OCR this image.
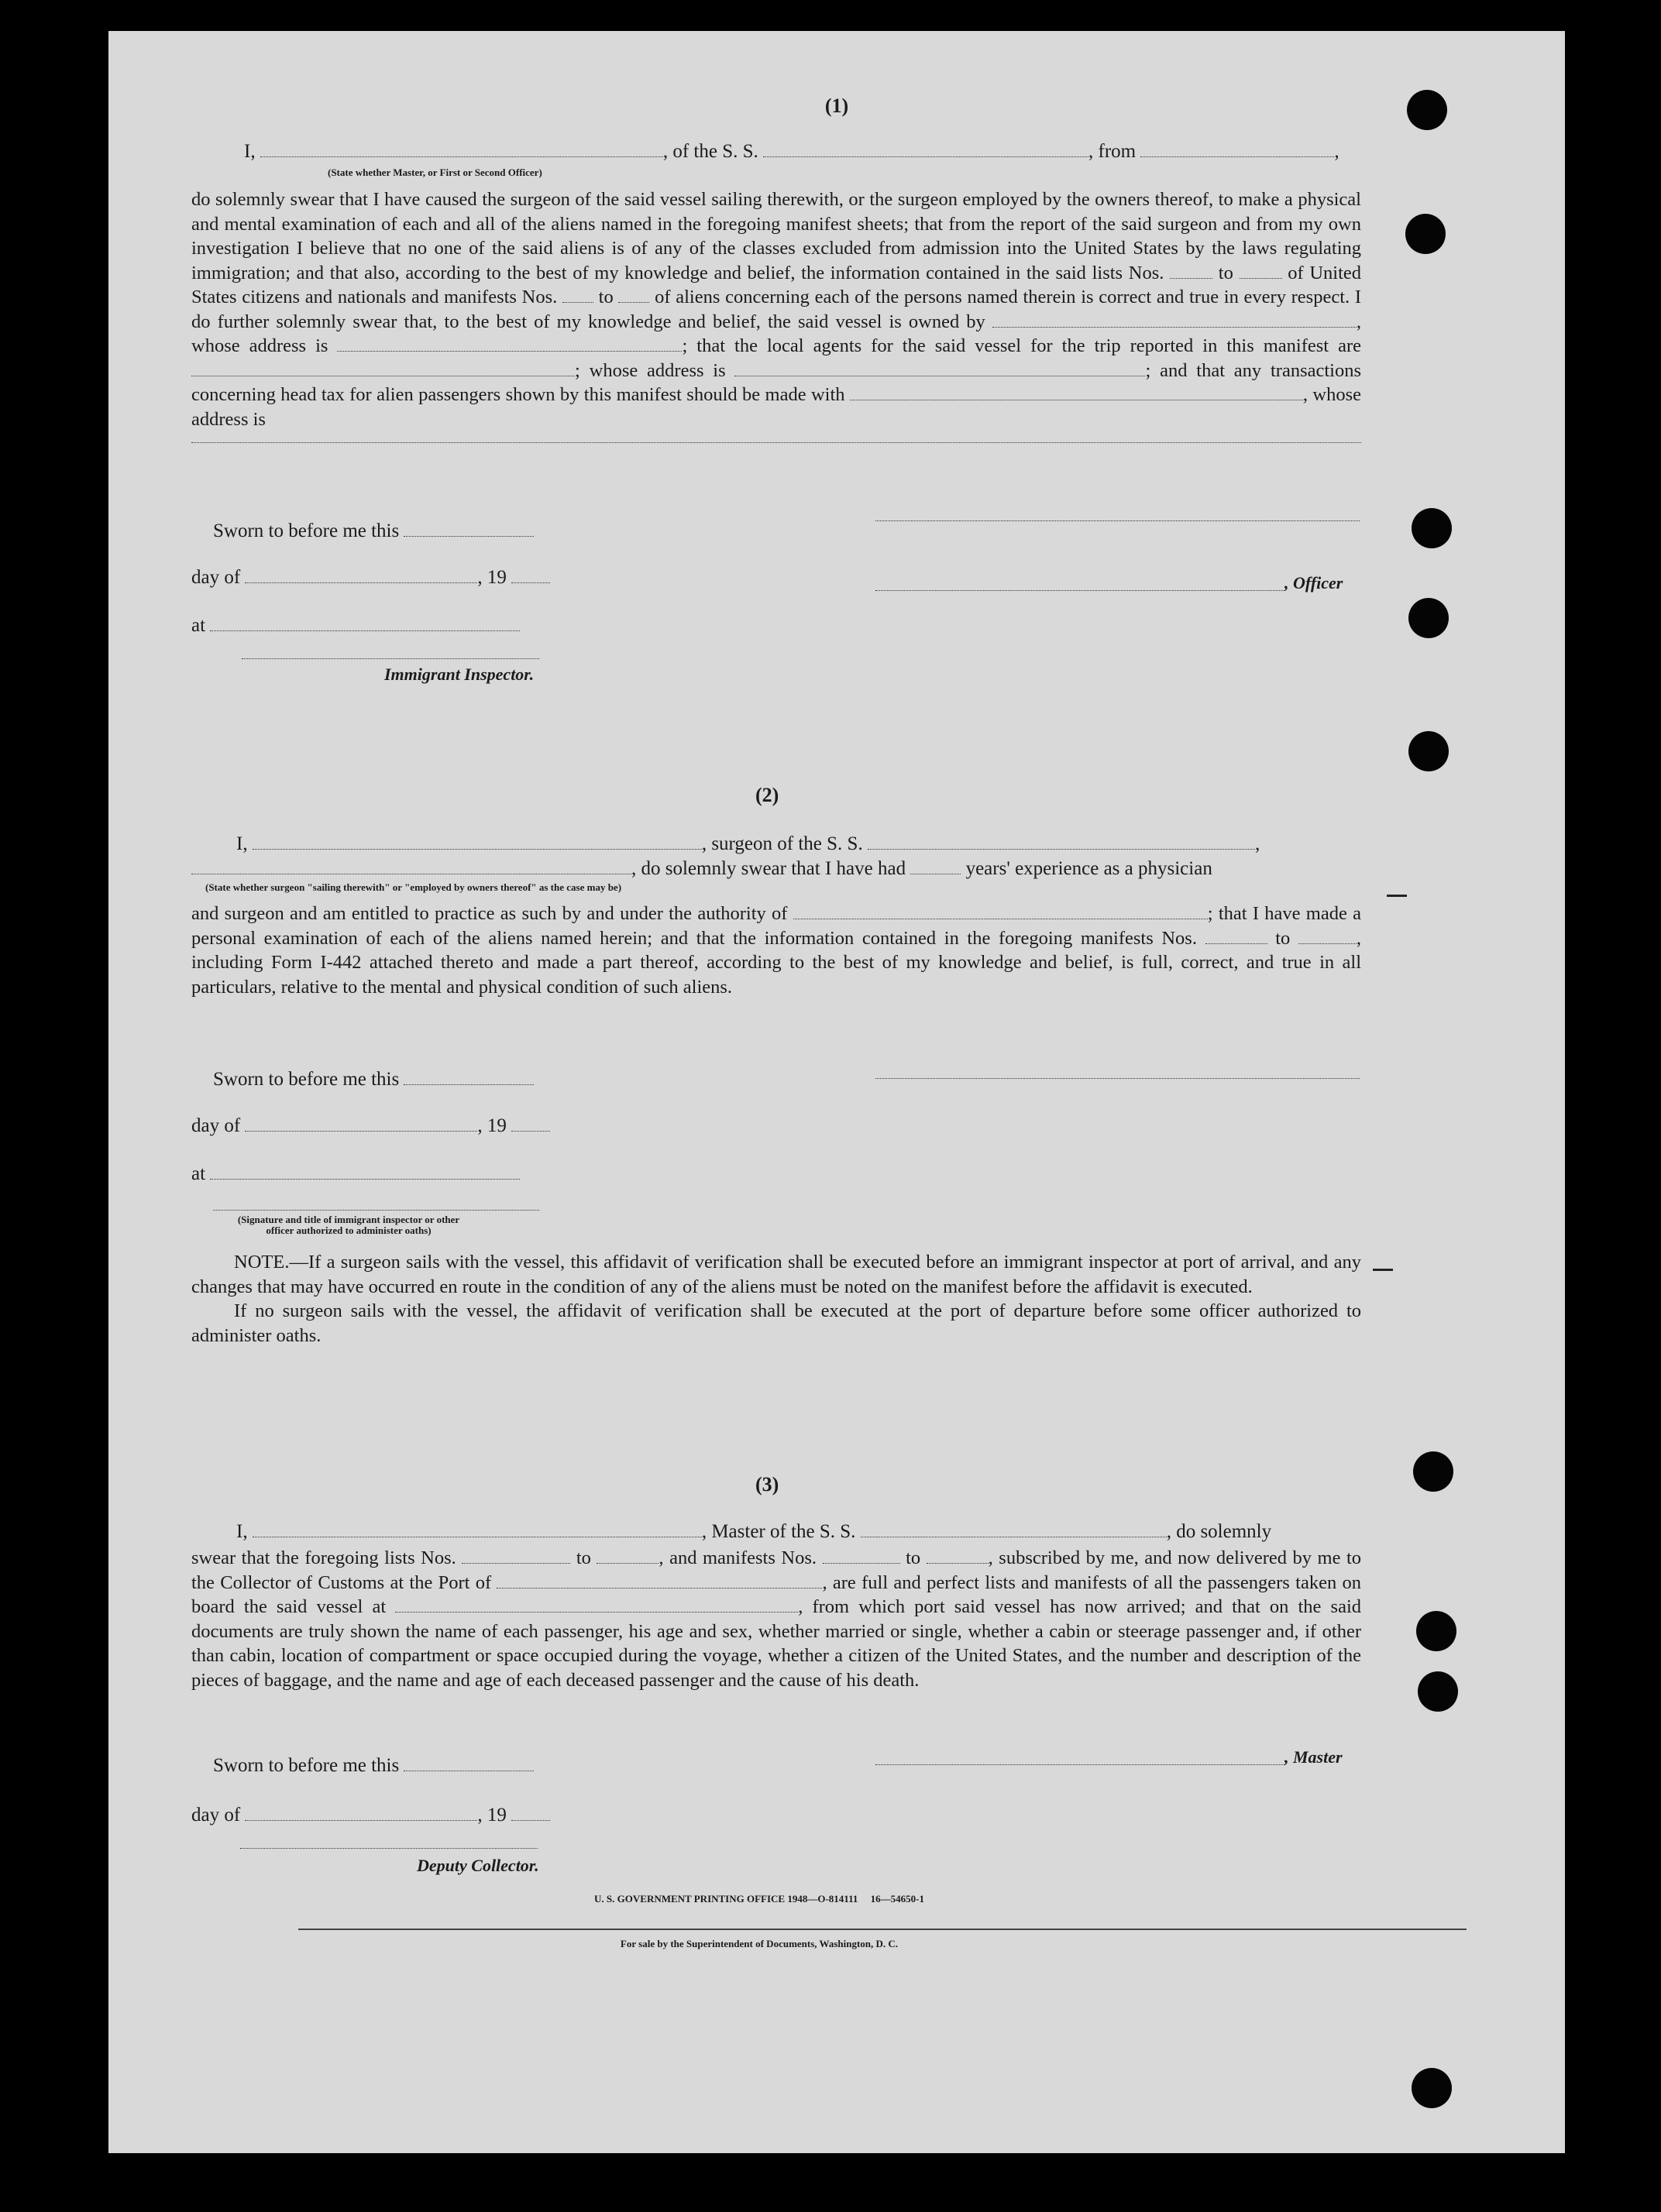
(1)
I,	, of the S. S.	, from	,
(State whether Master, or First or Second Officer)

do solemnly swear that I have caused the surgeon of the said vessel sailing therewith, or the surgeon employed by the owners thereof, to make a physical and mental examination of each and all of the aliens named in the foregoing manifest sheets; that from the report of the said surgeon and from my own investigation I believe that no one of the said aliens is of any of the classes excluded from admission into the United States by the laws regulating immigration; and that also, according to the best of my knowledge and belief, the information contained in the said lists Nos.	to	of United States citizens and nationals and manifests Nos. to of aliens concerning each of the persons named therein is correct and true in every respect. I do further solemnly swear that, to the best of my knowledge and belief, the said vessel is owned by	, whose address is	; that the local agents for the said vessel for the trip reported in this manifest are ; whose address is	; and that any transactions concerning head tax for alien passengers shown by this manifest should be made with	, whose address is

Sworn to before me this
day of	, 19
at
Immigrant Inspector.
, Officer
(2)
I,	, surgeon of the S. S.	,
, do solemnly swear that I have had	years' experience as a physician
(State whether surgeon "sailing therewith" or "employed by owners thereof" as the case may be)

and surgeon and am entitled to practice as such by and under the authority of	; that I have made a personal examination of each of the aliens named herein; and that the information contained in the foregoing manifests Nos.	to	, including Form I-442 attached thereto and made a part thereof, according to the best of my knowledge and belief, is full, correct, and true in all particulars, relative to the mental and physical condition of such aliens.

Sworn to before me this
day of	, 19
at
(Signature and title of immigrant inspector or other officer authorized to administer oaths)

NOTE.—If a surgeon sails with the vessel, this affidavit of verification shall be executed before an immigrant inspector at port of arrival, and any changes that may have occurred en route in the condition of any of the aliens must be noted on the manifest before the affidavit is executed.

If no surgeon sails with the vessel, the affidavit of verification shall be executed at the port of departure before some officer authorized to administer oaths.

(3)
I,	, Master of the S. S.	, do solemnly

swear that the foregoing lists Nos.	to	, and manifests Nos.	to	, subscribed by me, and now delivered by me to the Collector of Customs at the Port of	, are full and perfect lists and manifests of all the passengers taken on board the said vessel at	, from which port said vessel has now arrived; and that on the said documents are truly shown the name of each passenger, his age and sex, whether married or single, whether a cabin or steerage passenger and, if other than cabin, location of compartment or space occupied during the voyage, whether a citizen of the United States, and the number and description of the pieces of baggage, and the name and age of each deceased passenger and the cause of his death.

Sworn to before me this
day of	, 19
Deputy Collector.
, Master
U. S. GOVERNMENT PRINTING OFFICE 1948—O-814111     16—54650-1
For sale by the Superintendent of Documents, Washington, D. C.
